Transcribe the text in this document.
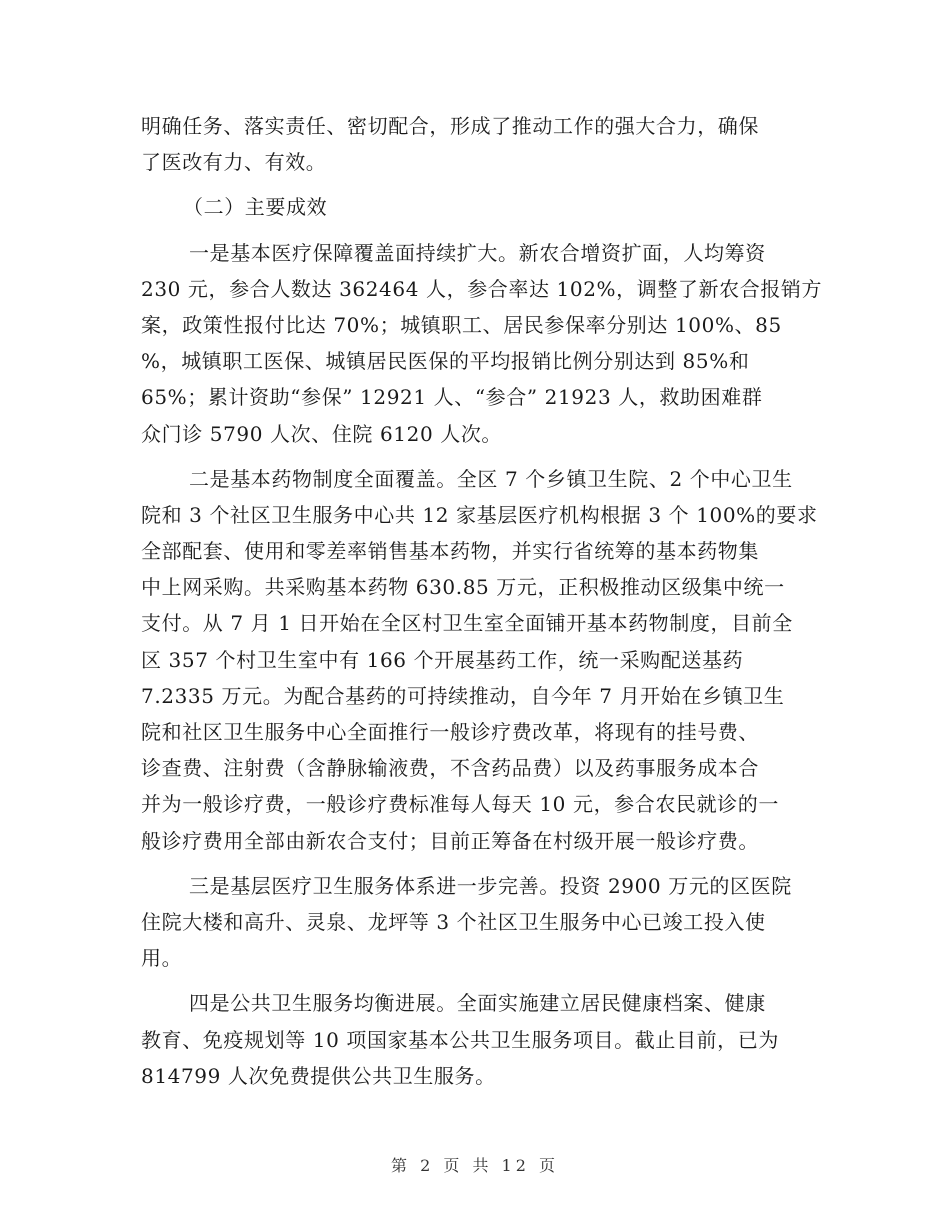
明确任务、落实责任、密切配合，形成了推动工作的强大合力，确保
了医改有力、有效。
（二）主要成效
一是基本医疗保障覆盖面持续扩大。新农合增资扩面，人均筹资
230 元，参合人数达 362464 人，参合率达 102%，调整了新农合报销方
案，政策性报付比达 70%；城镇职工、居民参保率分别达 100%、85
%，城镇职工医保、城镇居民医保的平均报销比例分别达到 85%和
65%；累计资助“参保” 12921 人、“参合” 21923 人，救助困难群
众门诊 5790 人次、住院 6120 人次。
二是基本药物制度全面覆盖。全区 7 个乡镇卫生院、2 个中心卫生
院和 3 个社区卫生服务中心共 12 家基层医疗机构根据 3 个 100%的要求
全部配套、使用和零差率销售基本药物，并实行省统筹的基本药物集
中上网采购。共采购基本药物 630.85 万元，正积极推动区级集中统一
支付。从 7 月 1 日开始在全区村卫生室全面铺开基本药物制度，目前全
区 357 个村卫生室中有 166 个开展基药工作，统一采购配送基药
7.2335 万元。为配合基药的可持续推动，自今年 7 月开始在乡镇卫生
院和社区卫生服务中心全面推行一般诊疗费改革，将现有的挂号费、
诊查费、注射费（含静脉输液费，不含药品费）以及药事服务成本合
并为一般诊疗费，一般诊疗费标准每人每天 10 元，参合农民就诊的一
般诊疗费用全部由新农合支付；目前正筹备在村级开展一般诊疗费。
三是基层医疗卫生服务体系进一步完善。投资 2900 万元的区医院
住院大楼和高升、灵泉、龙坪等 3 个社区卫生服务中心已竣工投入使
用。
四是公共卫生服务均衡进展。全面实施建立居民健康档案、健康
教育、免疫规划等 10 项国家基本公共卫生服务项目。截止目前，已为
814799 人次免费提供公共卫生服务。
第 2 页 共 12 页
